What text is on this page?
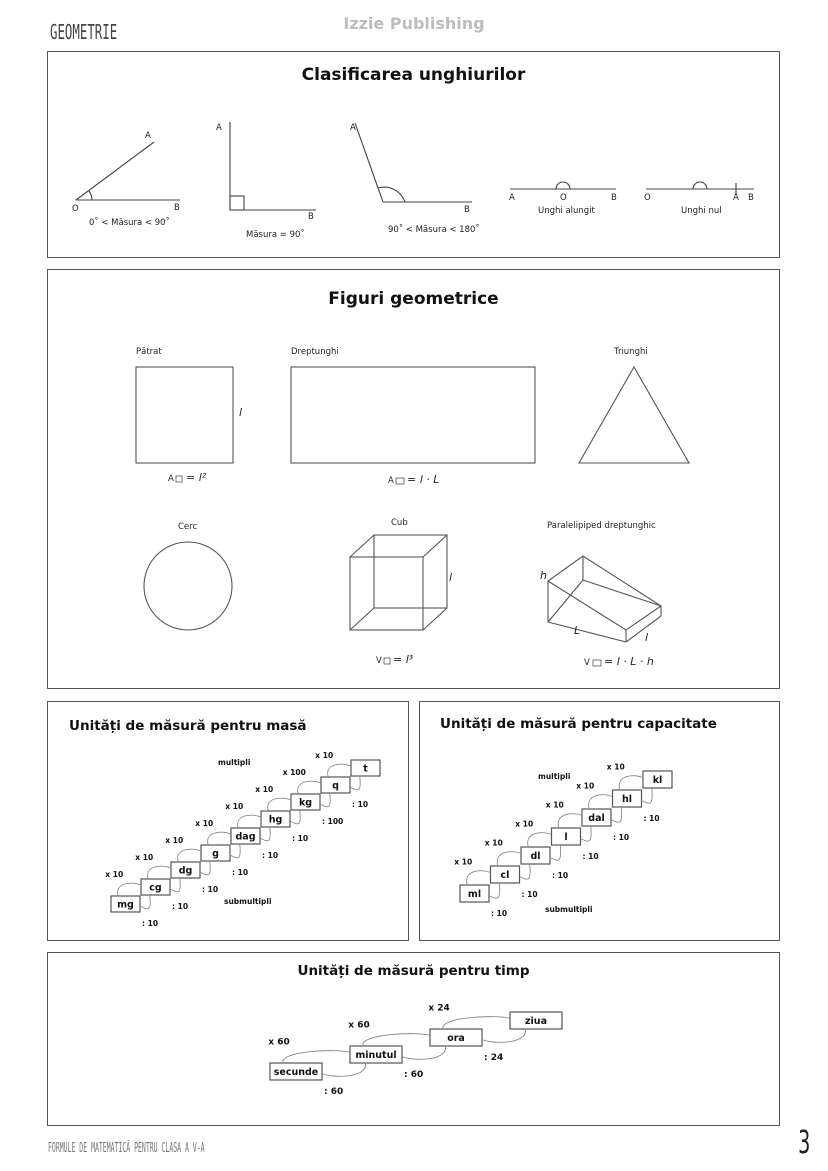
GEOMETRIE	Izzie Publishing
Clasificarea unghiurilor
A
O	B
0˚ < Măsura < 90˚
A
B
Măsura = 90˚
A
B
90˚ < Măsura < 180˚
A	O	B
Unghi alungit
O	A B
Unghi nul
Figuri geometrice
Pătrat	Dreptunghi	Triunghi
Cerc	Cub	Paralelipiped dreptunghic
A	A
V	V
l
= l²	= l · L
l
= l³
h
L
l
= l · L · h
Unități de măsură pentru masă
mg
cg
dg
g
dag
hg
kg
q
t
x 10
: 10
x 10
: 10
x 10
: 10
x 10
: 10
x 10
: 10
x 10
: 10
x 100
: 100
x 10
: 10
multipli
submultipli
Unități de măsură pentru capacitate
ml
cl
dl
l
dal
hl
kl
x 10
: 10
x 10
: 10
x 10
: 10
x 10
: 10
x 10
: 10
x 10
: 10
multipli
submultipli
Unități de măsură pentru timp
secunde
minutul
ora
ziua
x 60
: 60
x 60
: 60
x 24
: 24
FORMULE DE MATEMATICĂ PENTRU CLASA A V-A	3
